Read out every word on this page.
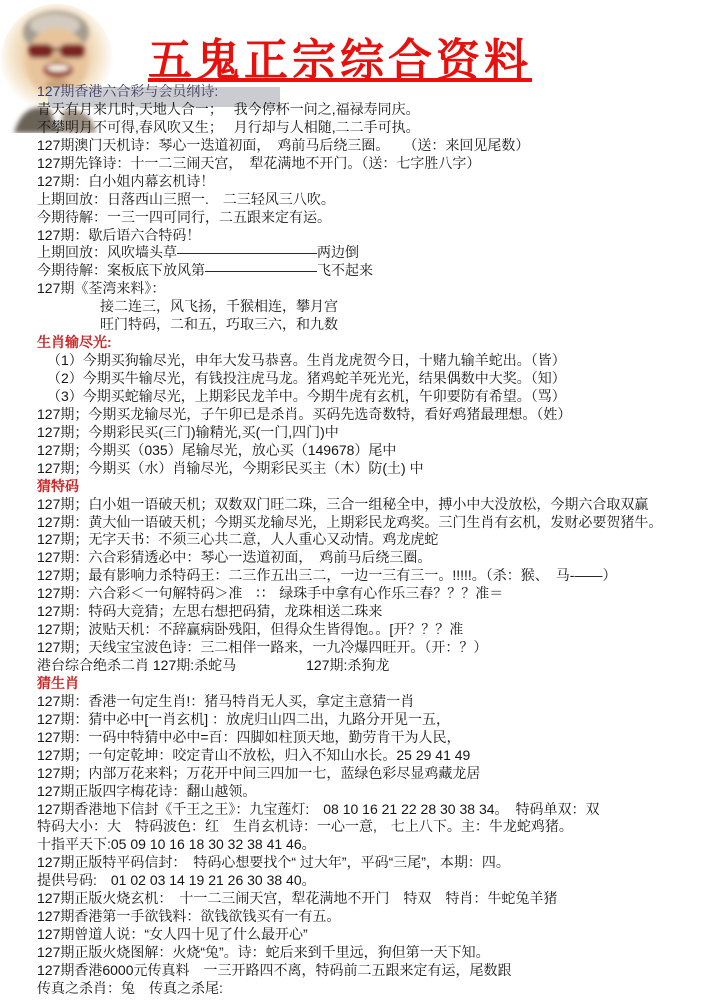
五鬼正宗综合资料
127期香港六合彩与会员纲诗:
青天有月来几时,天地人合一；　 我今停杯一问之,福禄寿同庆。
不攀明月不可得,春风吹又生；　 月行却与人相随,二二手可执。
127期澳门天机诗：琴心一迭道初面，　鸡前马后绕三圈。　　（送：来回见尾数）
127期先锋诗：十一二三闹天宫，　犁花满地不开门。（送：七字胜八字）
127期：白小姐内幕玄机诗！
上期回放：日落西山三照一.　二三轻风三八吹。
今期待解：一三一四可同行，二五跟来定有运。
127期：歇后语六合特码！
上期回放：风吹墙头草——————————两边倒
今期待解：案板底下放风第————————飞不起来
127期《荃湾来料》：
接二连三，风飞扬，千猴相连，攀月宫
旺门特码，二和五，巧取三六，和九数
生肖输尽光:
（1）今期买狗输尽光，申年大发马恭喜。生肖龙虎贺今日，十赌九输羊蛇出。（皆）
（2）今期买牛输尽光，有钱投注虎马龙。猪鸡蛇羊死光光，结果偶数中大奖。（知）
（3）今期买蛇输尽光，上期彩民龙羊中。今期牛虎有玄机，午卯要防有希望。（骂）
127期；今期买龙输尽光，子午卯已是杀肖。买码先选奇数特，看好鸡猪最理想。（姓）
127期；今期彩民买(三门)输精光,买(一门,四门)中
127期；今期买（035）尾输尽光，放心买（149678）尾中
127期；今期买（水）肖输尽光，今期彩民买主（木）防(土) 中
猜特码
127期；白小姐一语破天机；双数双门旺二珠，三合一组秘全中，搏小中大没放松，今期六合取双赢
127期：黄大仙一语破天机；今期买龙输尽光，上期彩民龙鸡奖。三门生肖有玄机，发财必要贺猪牛。
127期；无字天书：不须三心共二意，人人重心又动情。鸡龙虎蛇
127期：六合彩猜透必中：琴心一迭道初面，　鸡前马后绕三圈。
127期；最有影响力杀特码王：二三作五出三二，一边一三有三一。!!!!!。（杀：猴、　马-——）
127期：六合彩＜一句解特码＞准　∷　绿珠手中拿有心作乐三春？？？准＝
127期：特码大竞猜；左思右想把码猜，龙珠相送二珠来
127期；波贴天机：不辞赢病卧残阳，但得众生皆得饱。。[开？？？准
127期；天线宝宝波色诗：三二相伴一路来，一九冷爆四旺开。（开：？）
港台综合绝杀二肖 127期:杀蛇马　　　　　127期:杀狗龙
猜生肖
127期：香港一句定生肖!：猪马特肖无人买，拿定主意猜一肖
127期：猜中必中[一肖玄机] ：放虎归山四二出，九路分开见一五，
127期：一码中特猜中必中=百：四脚如柱顶天地，勤劳肯干为人民，
127期；一句定乾坤：咬定青山不放松，归入不知山水长。25 29 41 49
127期；内部万花来料；万花开中间三四加一七，蓝绿色彩尽显鸡藏龙居
127期正版四字梅花诗：翻山越领。
127期香港地下信封《千王之王》：九宝莲灯:　08 10 16 21 22 28 30 38 34。　特码单双：双
特码大小：大　特码波色：红　生肖玄机诗：一心一意,　七上八下。主：牛龙蛇鸡猪。
十指平天下:05 09 10 16 18 30 32 38 41 46。
127期正版特平码信封：　特码心想要找个“ 过大年”，平码“三尾”，本期：四。
提供号码:　01 02 03 14 19 21 26 30 38 40。
127期正版火烧玄机：　十一二三闹天宫，犁花满地不开门　特双　特肖：牛蛇兔羊猪
127期香港第一手欲钱料：欲钱欲钱买有一有五。
127期曾道人说：“女人四十见了什么最开心”
127期正版火烧图解：火烧“兔”。诗：蛇后来到千里远，狗但第一天下知。
127期香港6000元传真料　一三开路四不离，特码前二五跟来定有运，尾数跟
传真之杀肖：兔　传真之杀尾:
